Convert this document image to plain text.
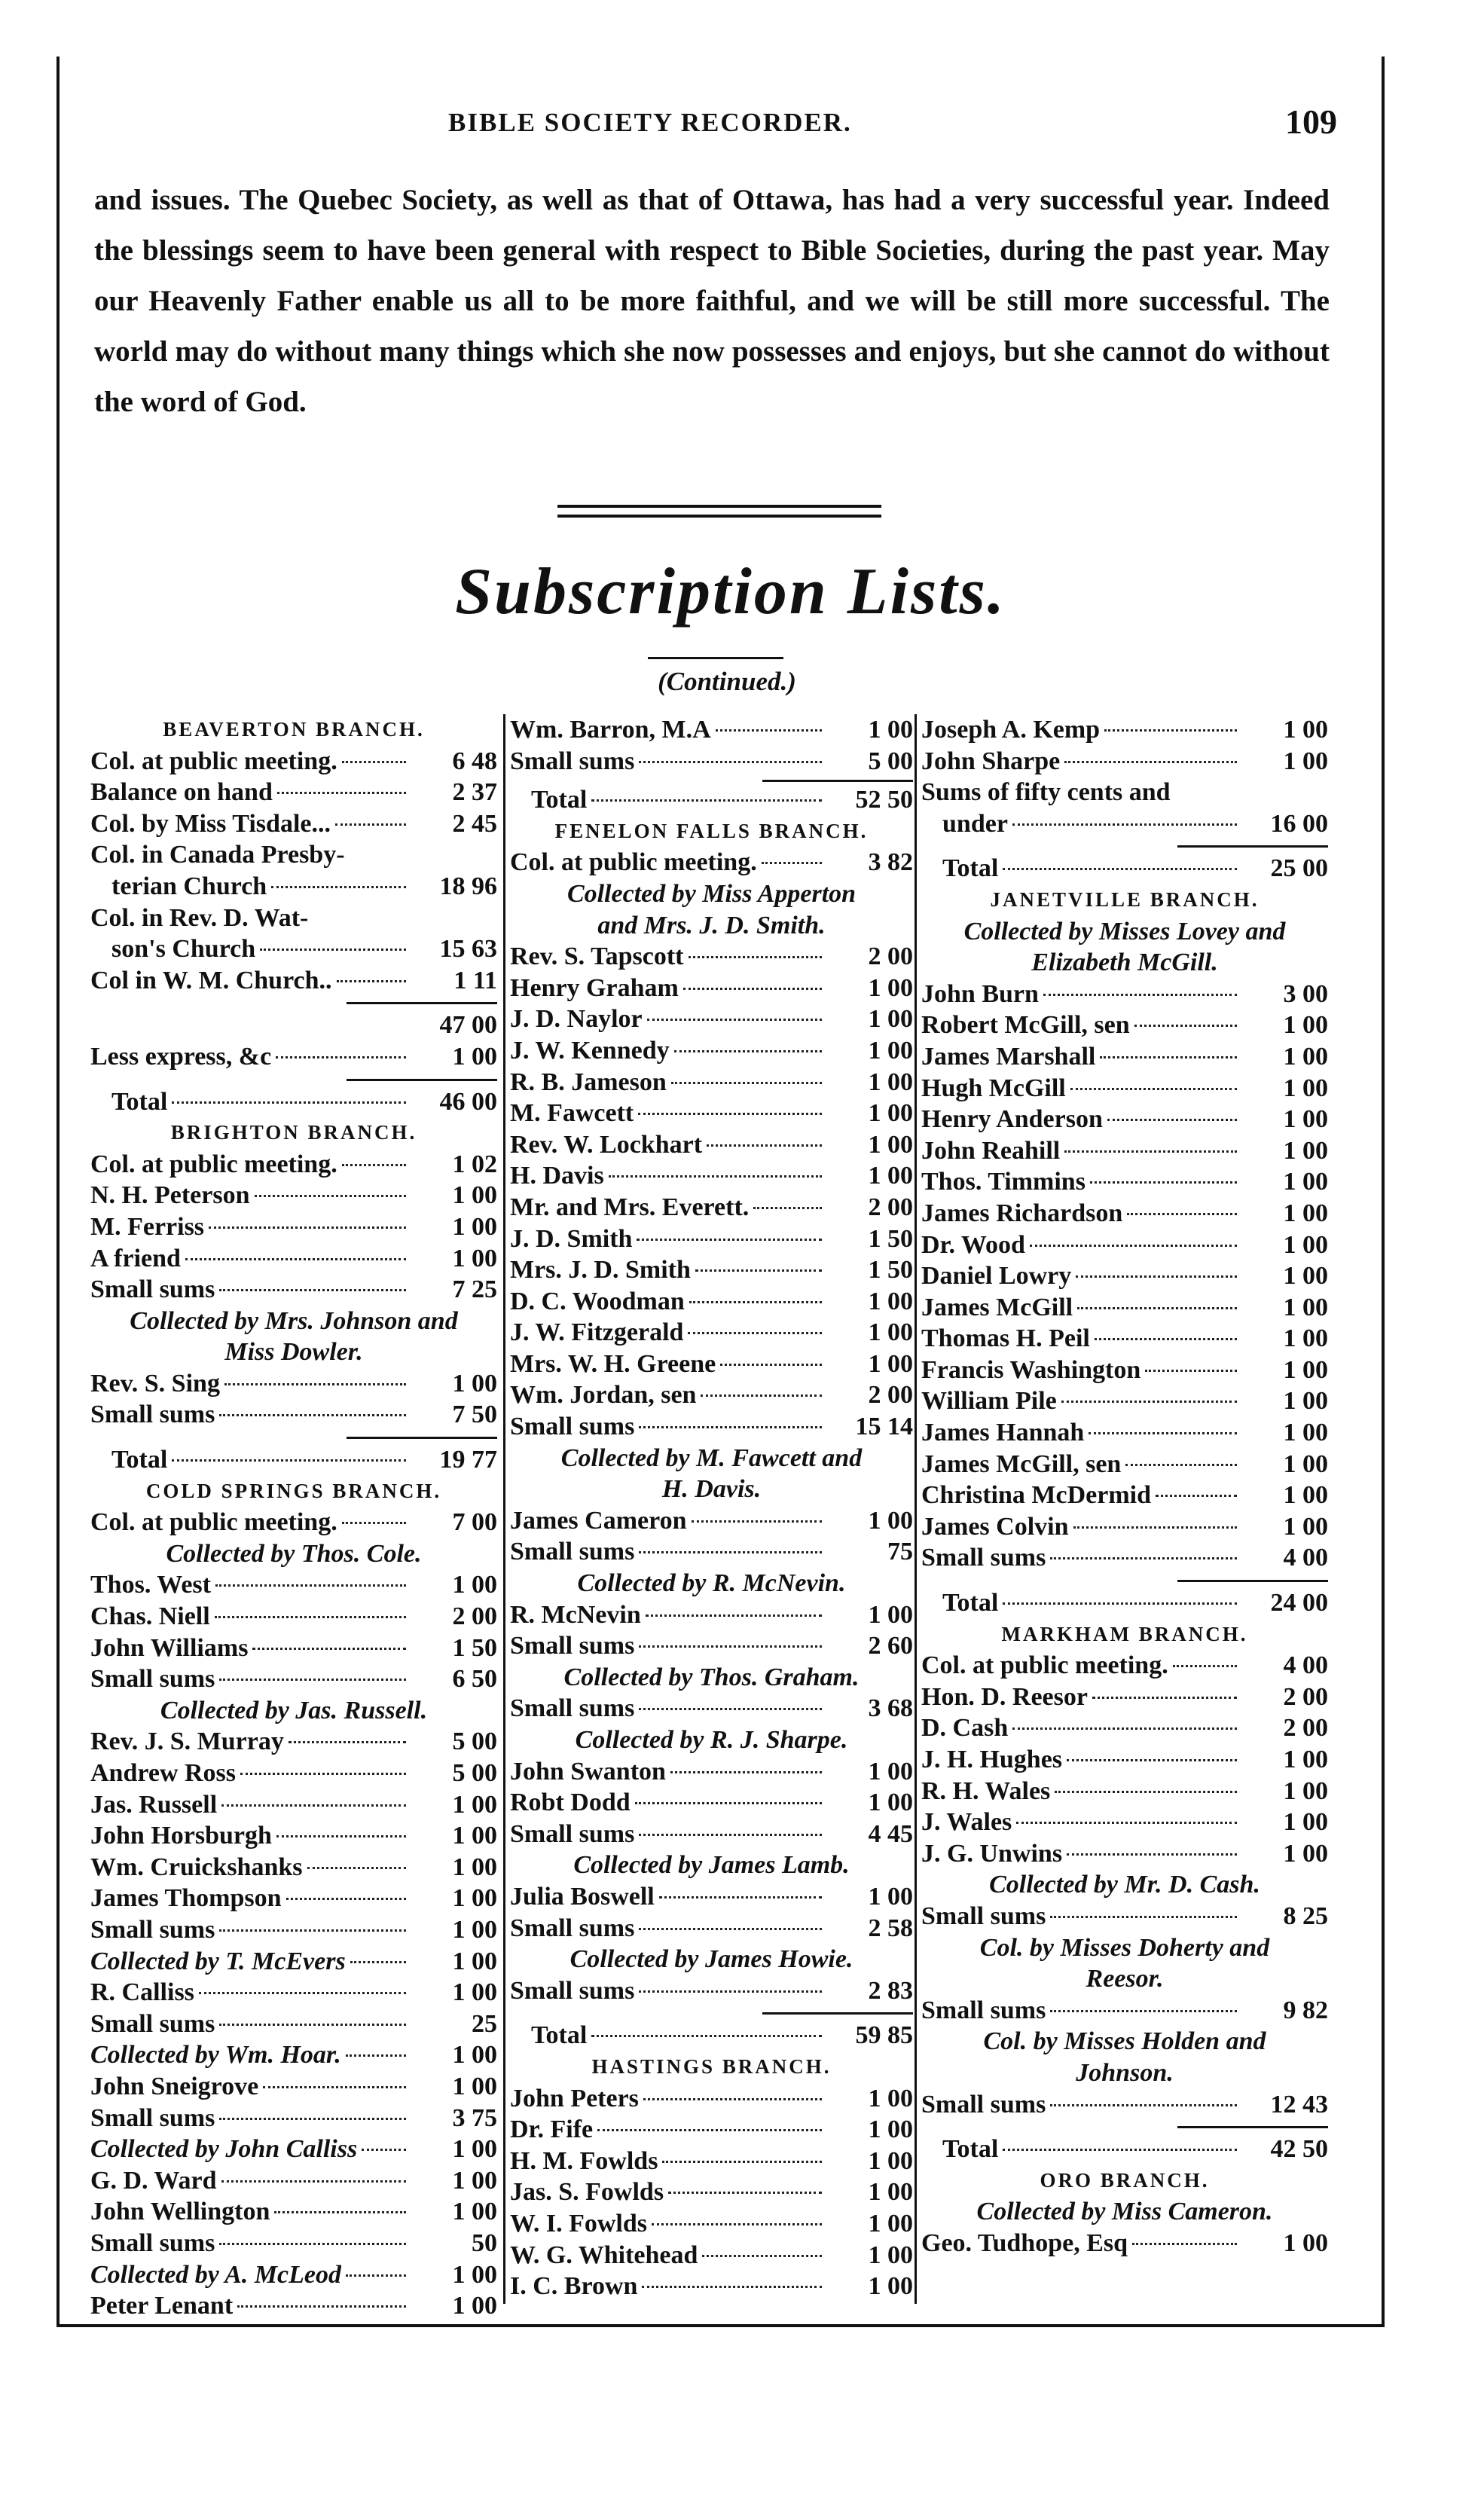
BIBLE SOCIETY RECORDER.	109

and issues. The Quebec Society, as well as that of Ottawa, has had a very successful year. Indeed the blessings seem to have been general with respect to Bible Societies, during the past year. May our Heavenly Father enable us all to be more faithful, and we will be still more successful. The world may do without many things which she now possesses and enjoys, but she cannot do without the word of God.

Subscription Lists.
(Continued.)
BEAVERTON BRANCH.
Col. at public meeting.	6 48
Balance on hand	2 37
Col. by Miss Tisdale...	2 45
Col. in Canada Presby-
terian Church	18 96
Col. in Rev. D. Wat-
son's Church	15 63
Col in W. M. Church..	1 11
47 00
Less express, &c	1 00
Total	46 00
BRIGHTON BRANCH.
Col. at public meeting.	1 02
N. H. Peterson	1 00
M. Ferriss	1 00
A friend	1 00
Small sums	7 25
Collected by Mrs. Johnson and
Miss Dowler.
Rev. S. Sing	1 00
Small sums	7 50
Total	19 77
COLD SPRINGS BRANCH.
Col. at public meeting.	7 00
Collected by Thos. Cole.
Thos. West	1 00
Chas. Niell	2 00
John Williams	1 50
Small sums	6 50
Collected by Jas. Russell.
Rev. J. S. Murray	5 00
Andrew Ross	5 00
Jas. Russell	1 00
John Horsburgh	1 00
Wm. Cruickshanks	1 00
James Thompson	1 00
Small sums	1 00
Collected by T. McEvers	1 00
R. Calliss	1 00
Small sums	25
Collected by Wm. Hoar.	1 00
John Sneigrove	1 00
Small sums	3 75
Collected by John Calliss	1 00
G. D. Ward	1 00
John Wellington	1 00
Small sums	50
Collected by A. McLeod	1 00
Peter Lenant	1 00
Wm. Barron, M.A	1 00
Small sums	5 00
Total	52 50
FENELON FALLS BRANCH.
Col. at public meeting.	3 82
Collected by Miss Apperton
and Mrs. J. D. Smith.
Rev. S. Tapscott	2 00
Henry Graham	1 00
J. D. Naylor	1 00
J. W. Kennedy	1 00
R. B. Jameson	1 00
M. Fawcett	1 00
Rev. W. Lockhart	1 00
H. Davis	1 00
Mr. and Mrs. Everett.	2 00
J. D. Smith	1 50
Mrs. J. D. Smith	1 50
D. C. Woodman	1 00
J. W. Fitzgerald	1 00
Mrs. W. H. Greene	1 00
Wm. Jordan, sen	2 00
Small sums	15 14
Collected by M. Fawcett and
H. Davis.
James Cameron	1 00
Small sums	75
Collected by R. McNevin.
R. McNevin	1 00
Small sums	2 60
Collected by Thos. Graham.
Small sums	3 68
Collected by R. J. Sharpe.
John Swanton	1 00
Robt Dodd	1 00
Small sums	4 45
Collected by James Lamb.
Julia Boswell	1 00
Small sums	2 58
Collected by James Howie.
Small sums	2 83
Total	59 85
HASTINGS BRANCH.
John Peters	1 00
Dr. Fife	1 00
H. M. Fowlds	1 00
Jas. S. Fowlds	1 00
W. I. Fowlds	1 00
W. G. Whitehead	1 00
I. C. Brown	1 00
Joseph A. Kemp	1 00
John Sharpe	1 00
Sums of fifty cents and
under	16 00
Total	25 00
JANETVILLE BRANCH.
Collected by Misses Lovey and
Elizabeth McGill.
John Burn	3 00
Robert McGill, sen	1 00
James Marshall	1 00
Hugh McGill	1 00
Henry Anderson	1 00
John Reahill	1 00
Thos. Timmins	1 00
James Richardson	1 00
Dr. Wood	1 00
Daniel Lowry	1 00
James McGill	1 00
Thomas H. Peil	1 00
Francis Washington	1 00
William Pile	1 00
James Hannah	1 00
James McGill, sen	1 00
Christina McDermid	1 00
James Colvin	1 00
Small sums	4 00
Total	24 00
MARKHAM BRANCH.
Col. at public meeting.	4 00
Hon. D. Reesor	2 00
D. Cash	2 00
J. H. Hughes	1 00
R. H. Wales	1 00
J. Wales	1 00
J. G. Unwins	1 00
Collected by Mr. D. Cash.
Small sums	8 25
Col. by Misses Doherty and
Reesor.
Small sums	9 82
Col. by Misses Holden and
Johnson.
Small sums	12 43
Total	42 50
ORO BRANCH.
Collected by Miss Cameron.
Geo. Tudhope, Esq	1 00
